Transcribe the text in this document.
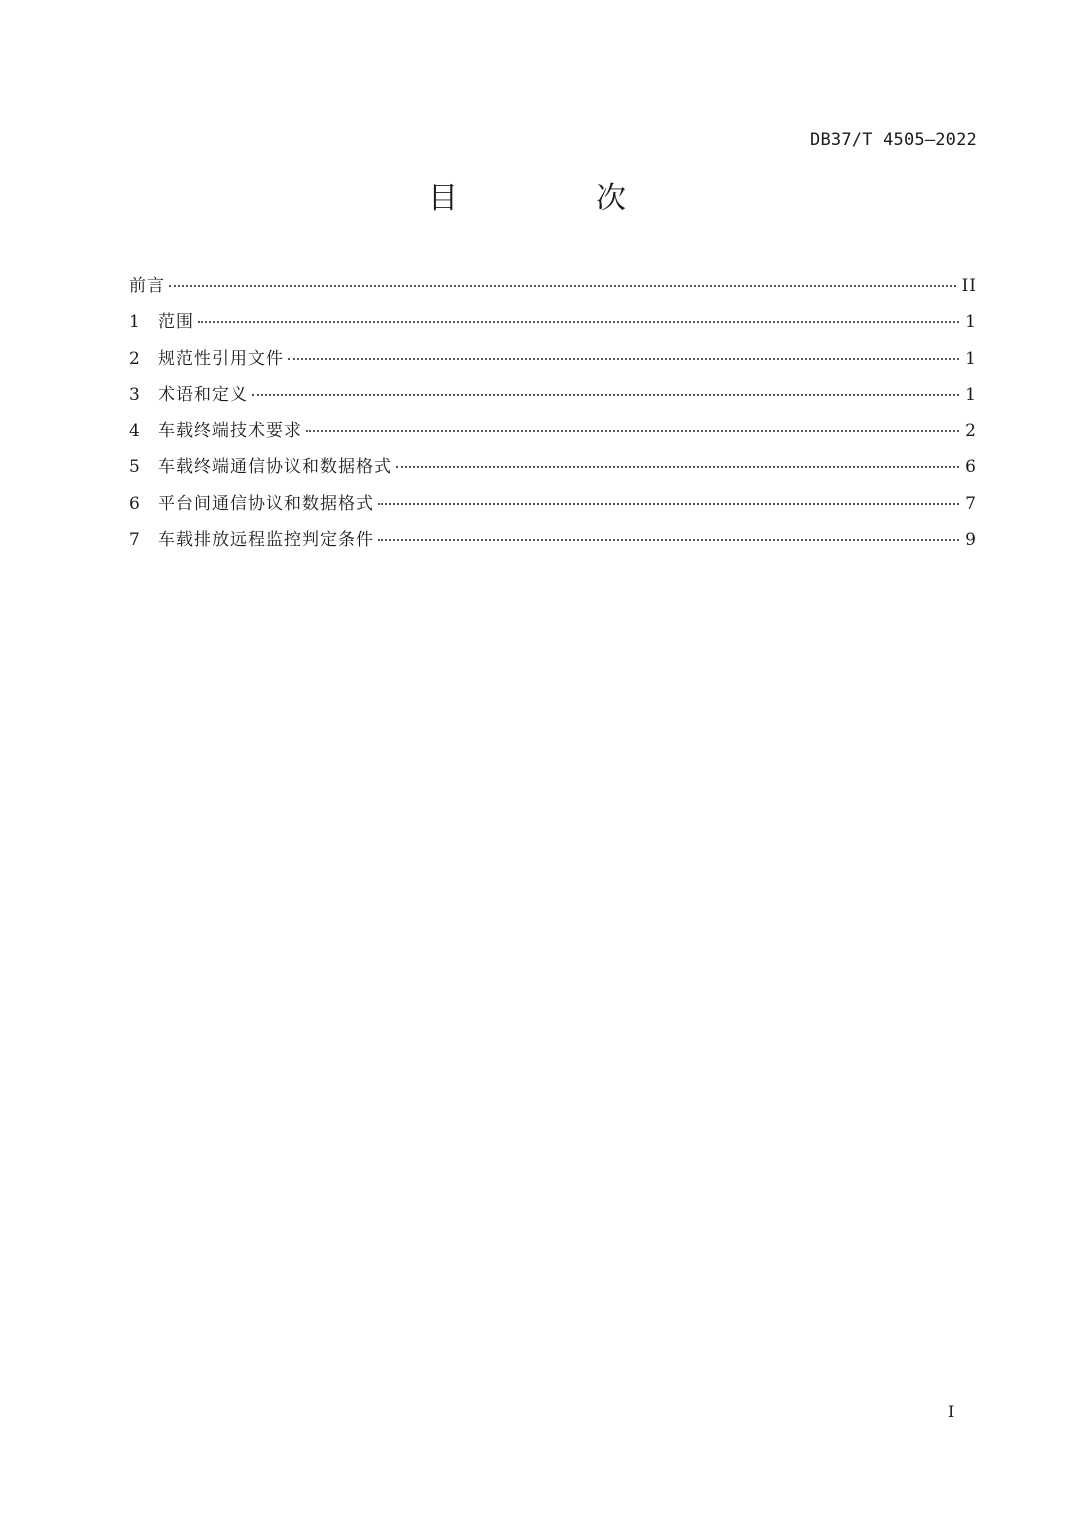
DB37/T 4505—2022
目　次
前言	II
1	范围	1
2	规范性引用文件	1
3	术语和定义	1
4	车载终端技术要求	2
5	车载终端通信协议和数据格式	6
6	平台间通信协议和数据格式	7
7	车载排放远程监控判定条件	9
I
